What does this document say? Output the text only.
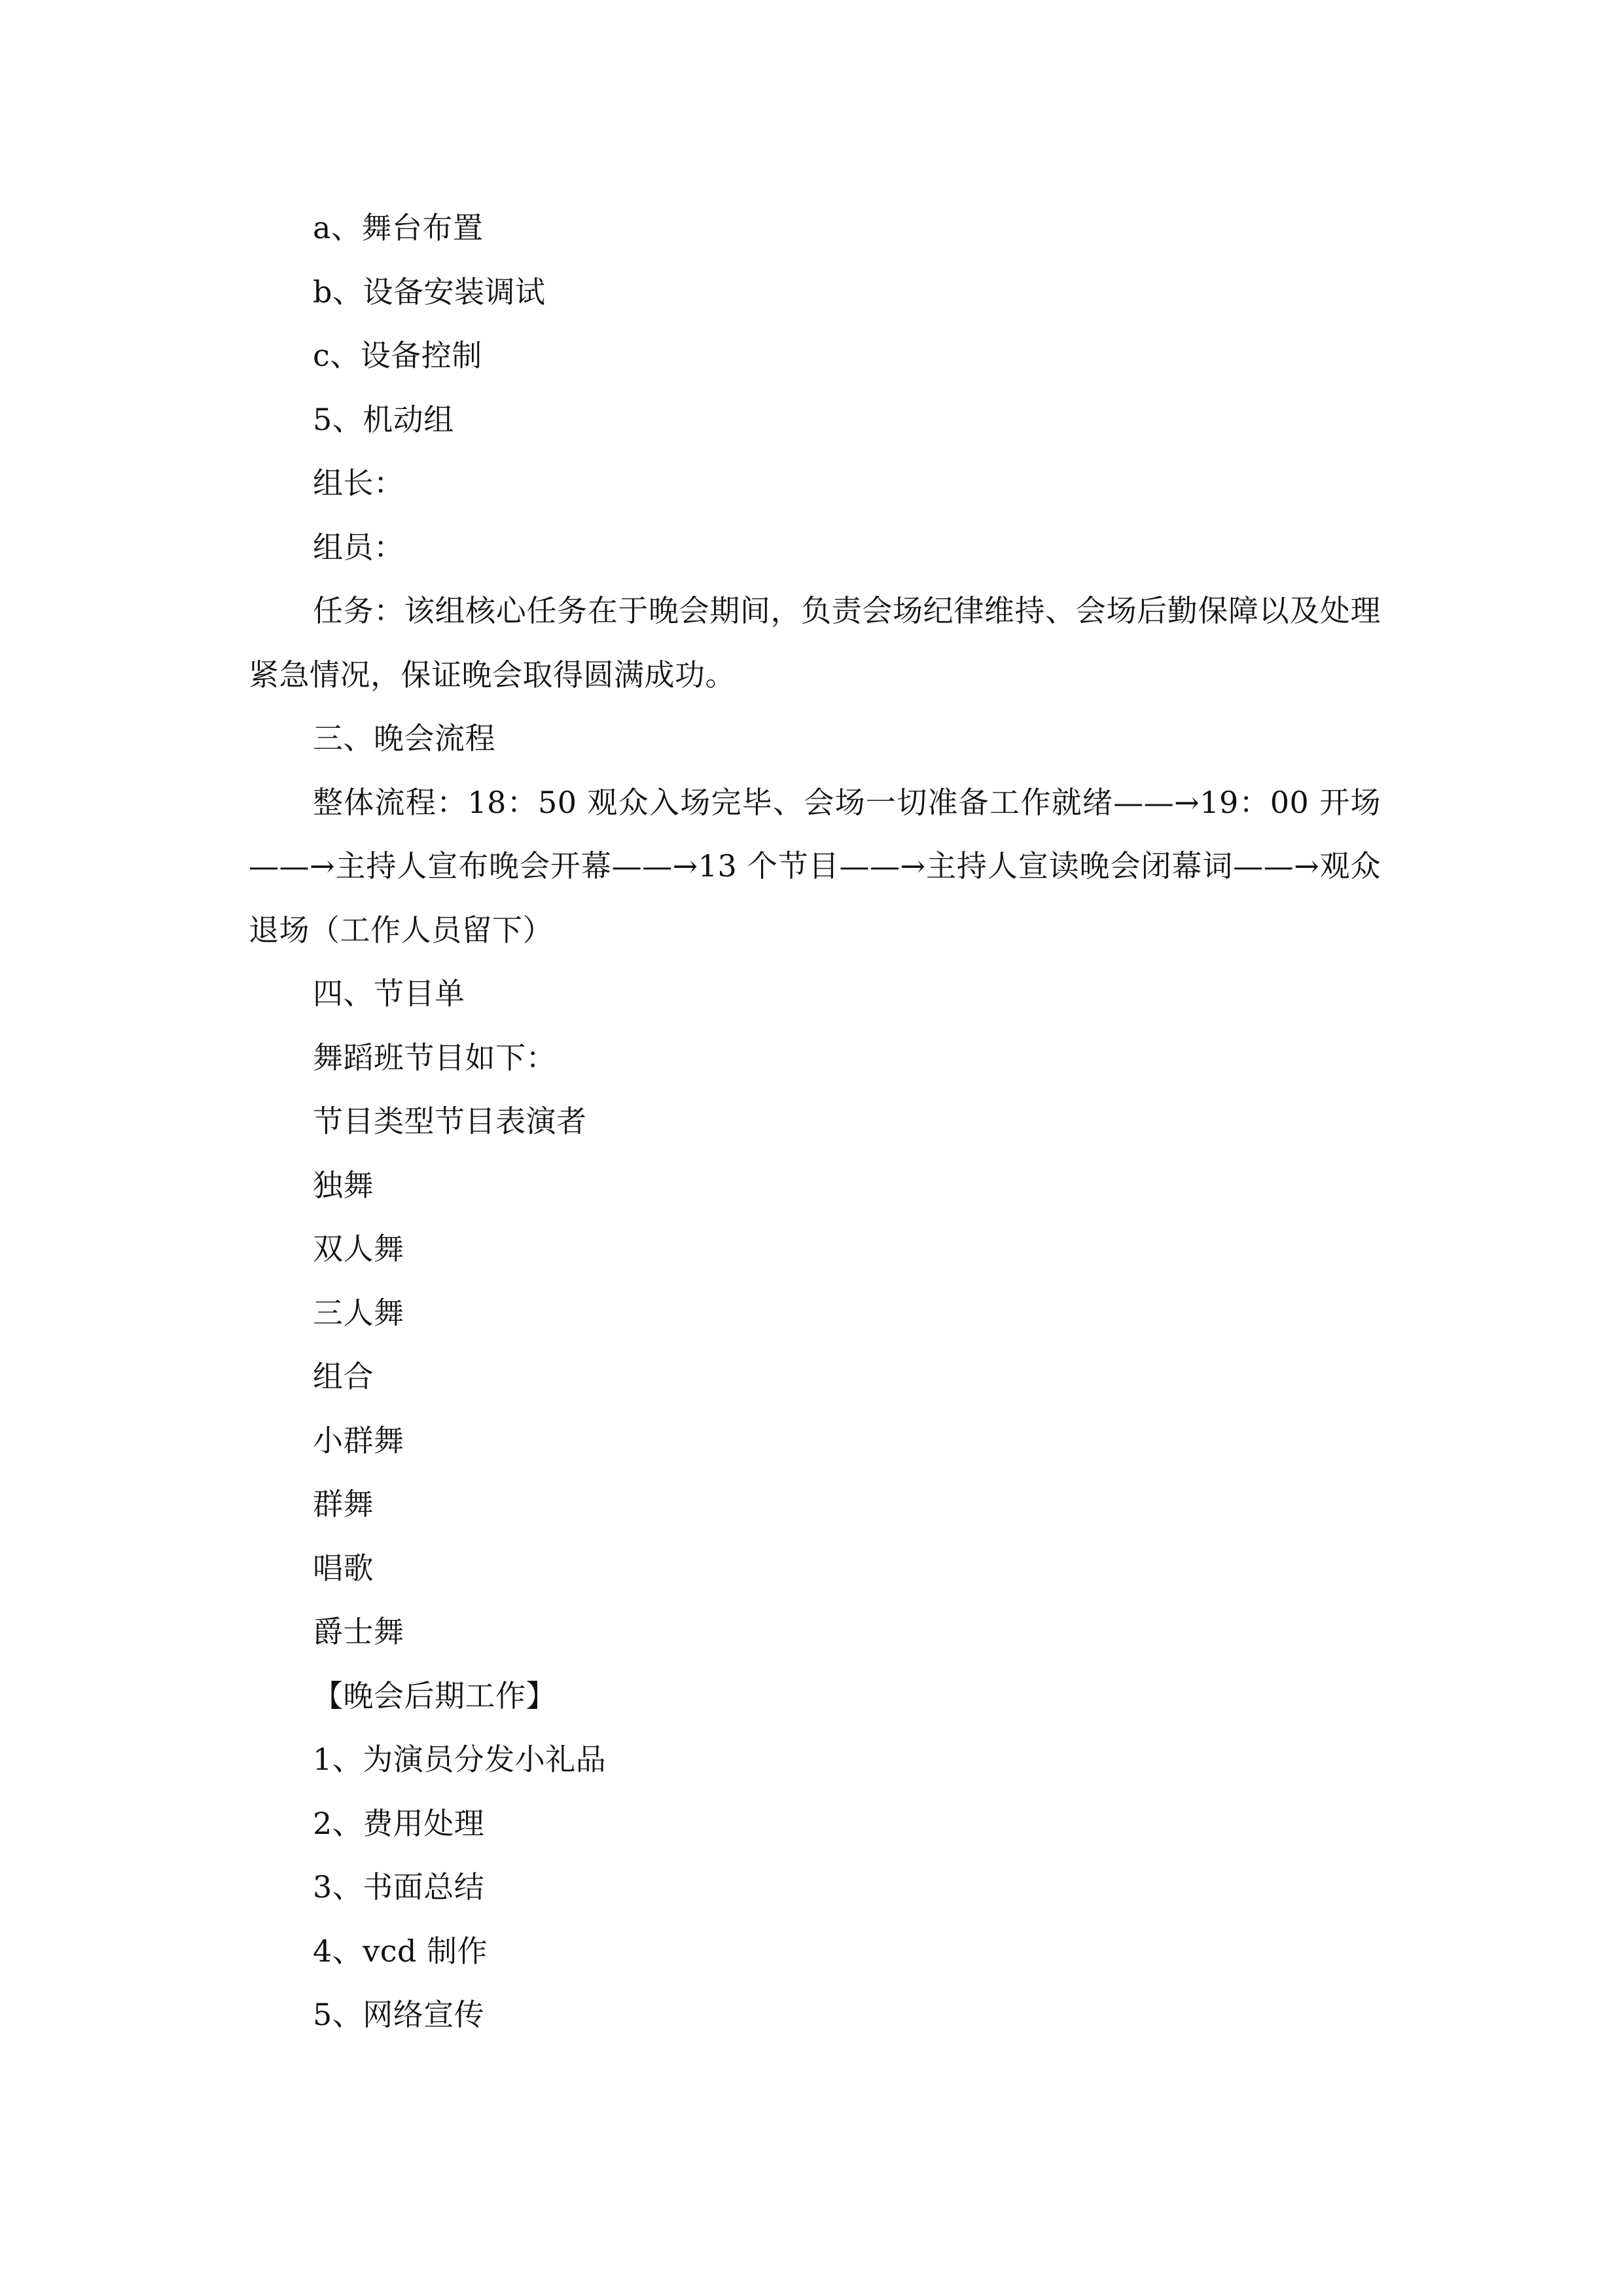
a、舞台布置
b、设备安装调试
c、设备控制
5、机动组
组长：
组员：
任务：该组核心任务在于晚会期间，负责会场纪律维持、会场后勤保障以及处理紧急情况，保证晚会取得圆满成功。
三、晚会流程
整体流程：18：50 观众入场完毕、会场一切准备工作就绪——→19：00 开场——→主持人宣布晚会开幕——→13 个节目——→主持人宣读晚会闭幕词——→观众退场（工作人员留下）
四、节目单
舞蹈班节目如下：
节目类型节目表演者
独舞
双人舞
三人舞
组合
小群舞
群舞
唱歌
爵士舞
【晚会后期工作】
1、为演员分发小礼品
2、费用处理
3、书面总结
4、vcd 制作
5、网络宣传
